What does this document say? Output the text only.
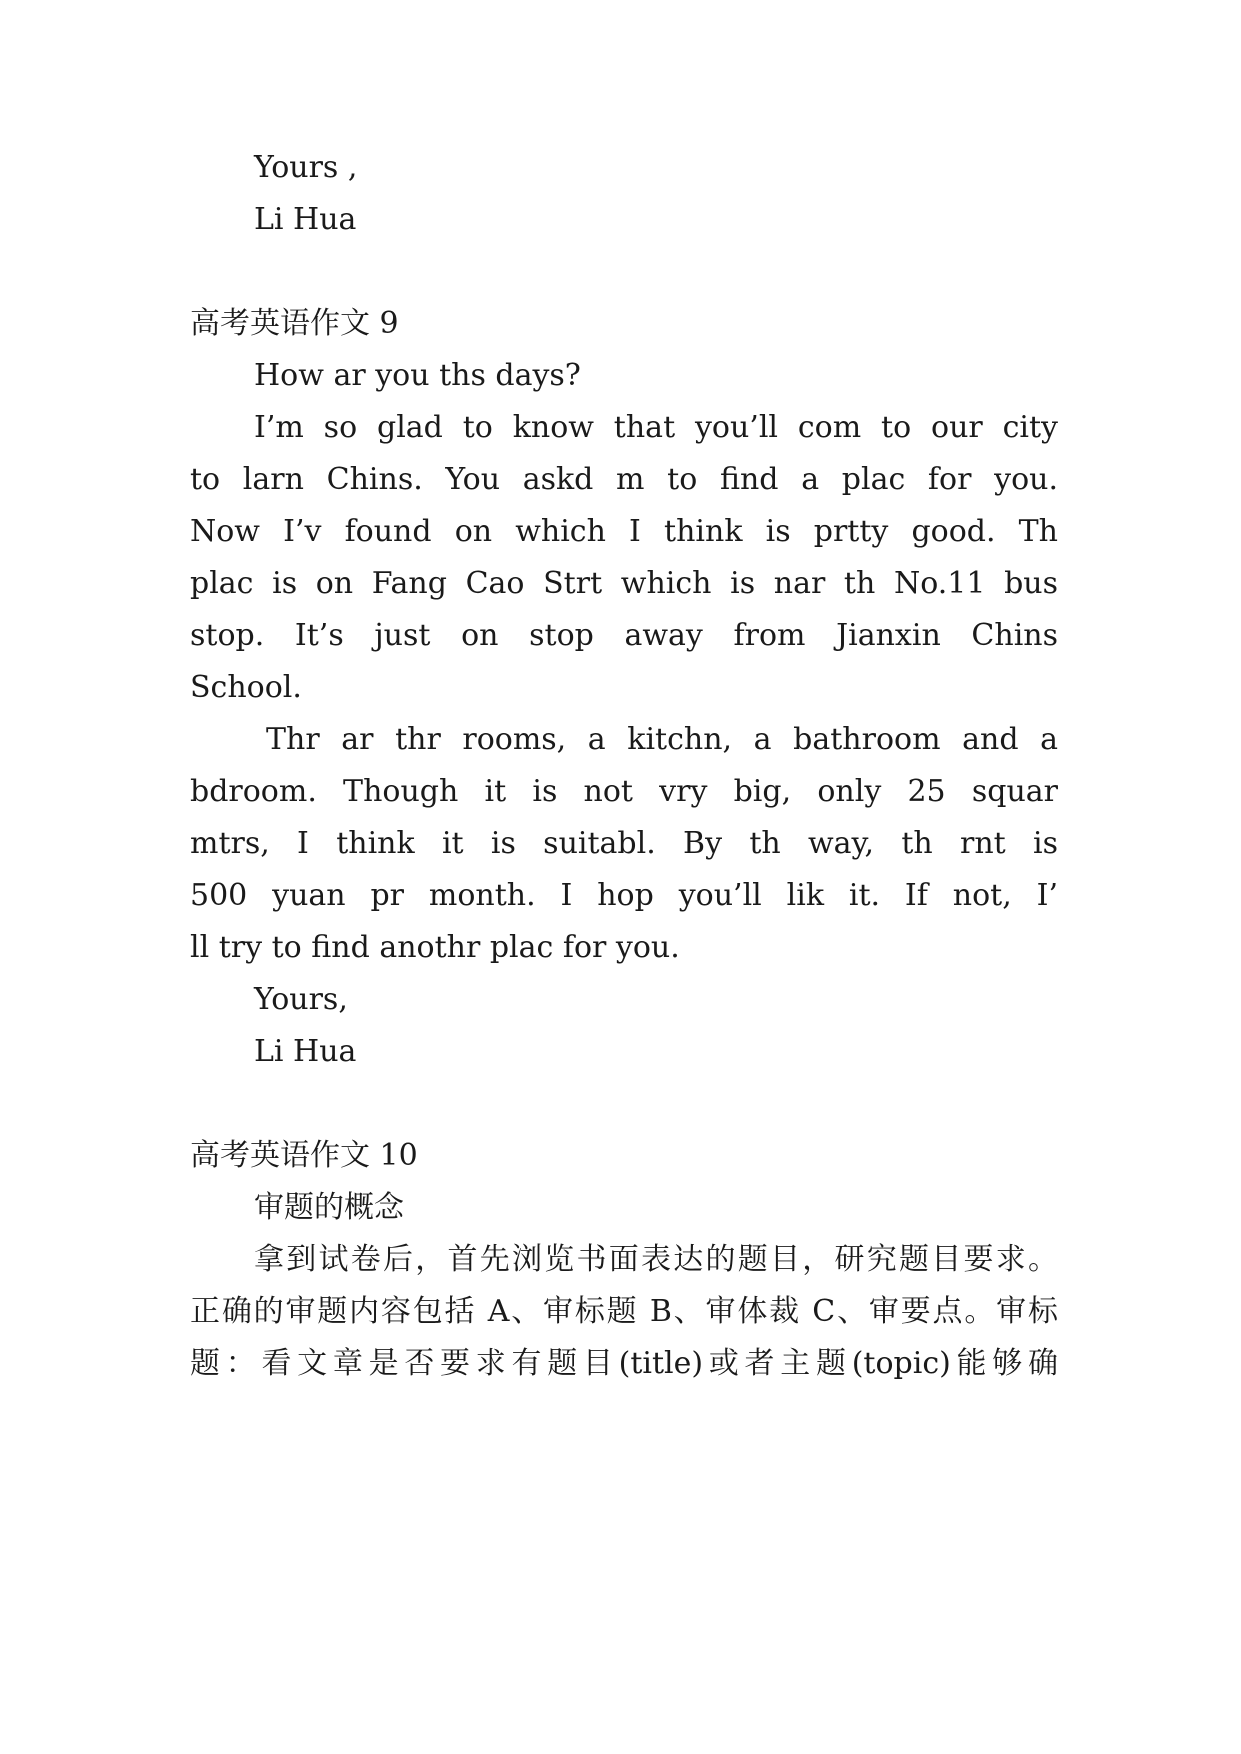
Yours ,
Li Hua
高考英语作文 9
How ar you ths days?
I’m so glad to know that you’ll com to our city
to larn Chins. You askd m to find a plac for you.
Now I’v found on which I think is prtty good. Th
plac is on Fang Cao Strt which is nar th No.11 bus
stop. It’s just on stop away from Jianxin Chins
School.
Thr ar thr rooms, a kitchn, a bathroom and a
bdroom. Though it is not vry big, only 25 squar
mtrs, I think it is suitabl. By th way, th rnt is
500 yuan pr month. I hop you’ll lik it. If not, I’
ll try to find anothr plac for you.
Yours,
Li Hua
高考英语作文 10
审题的概念
拿到试卷后，首先浏览书面表达的题目，研究题目要求。
正确的审题内容包括 A、审标题 B、审体裁 C、审要点。审标
题：看文章是否要求有题目(title)或者主题(topic)能够确
